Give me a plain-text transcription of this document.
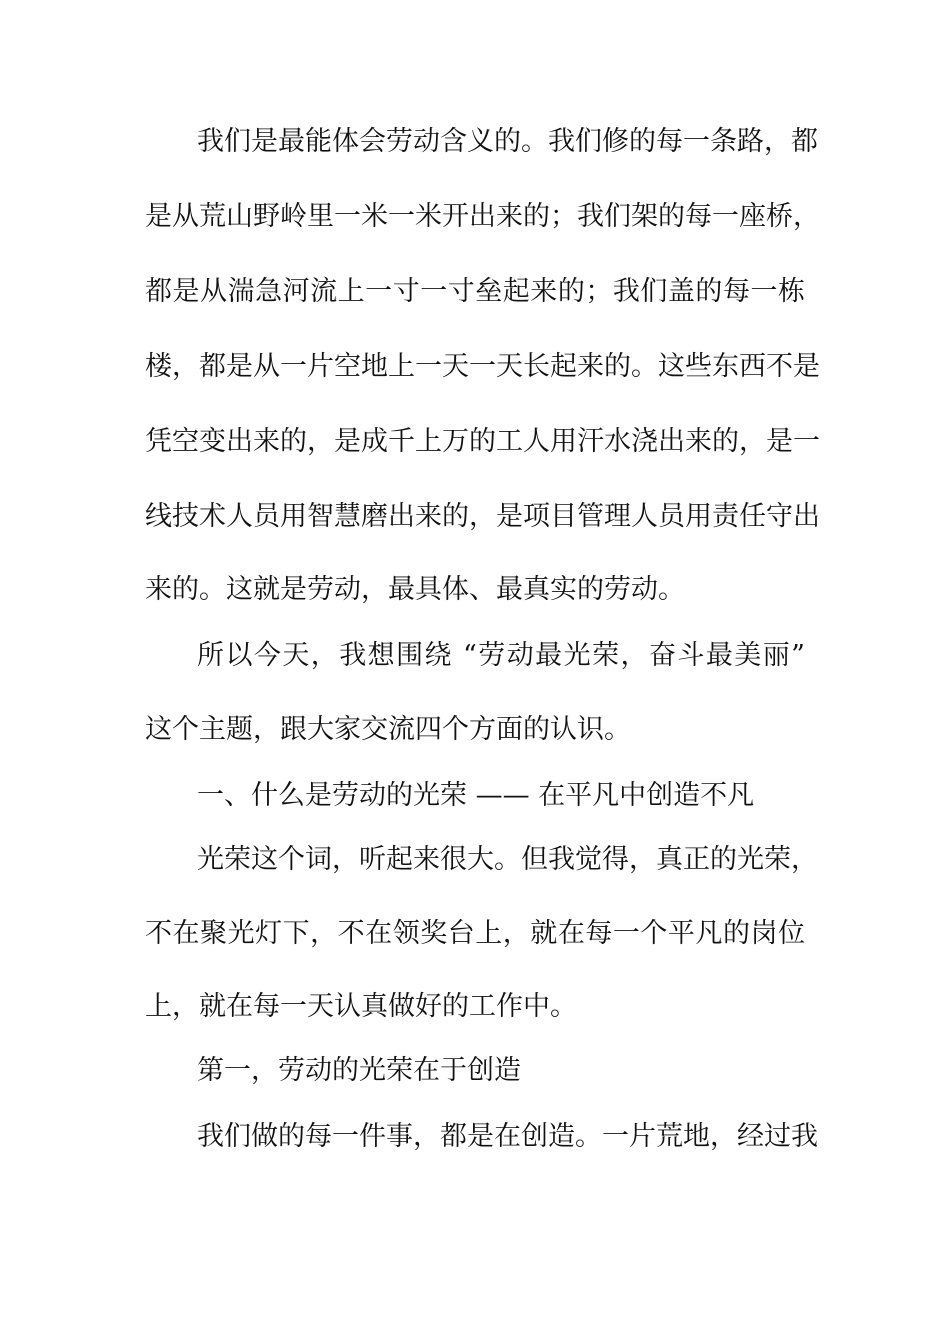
我们是最能体会劳动含义的。我们修的每一条路，都
是从荒山野岭里一米一米开出来的；我们架的每一座桥，
都是从湍急河流上一寸一寸垒起来的；我们盖的每一栋
楼，都是从一片空地上一天一天长起来的。这些东西不是
凭空变出来的，是成千上万的工人用汗水浇出来的，是一
线技术人员用智慧磨出来的，是项目管理人员用责任守出
来的。这就是劳动，最具体、最真实的劳动。
所以今天，我想围绕 “劳动最光荣，奋斗最美丽”
这个主题，跟大家交流四个方面的认识。
一、什么是劳动的光荣 —— 在平凡中创造不凡
光荣这个词，听起来很大。但我觉得，真正的光荣，
不在聚光灯下，不在领奖台上，就在每一个平凡的岗位
上，就在每一天认真做好的工作中。
第一，劳动的光荣在于创造
我们做的每一件事，都是在创造。一片荒地，经过我
